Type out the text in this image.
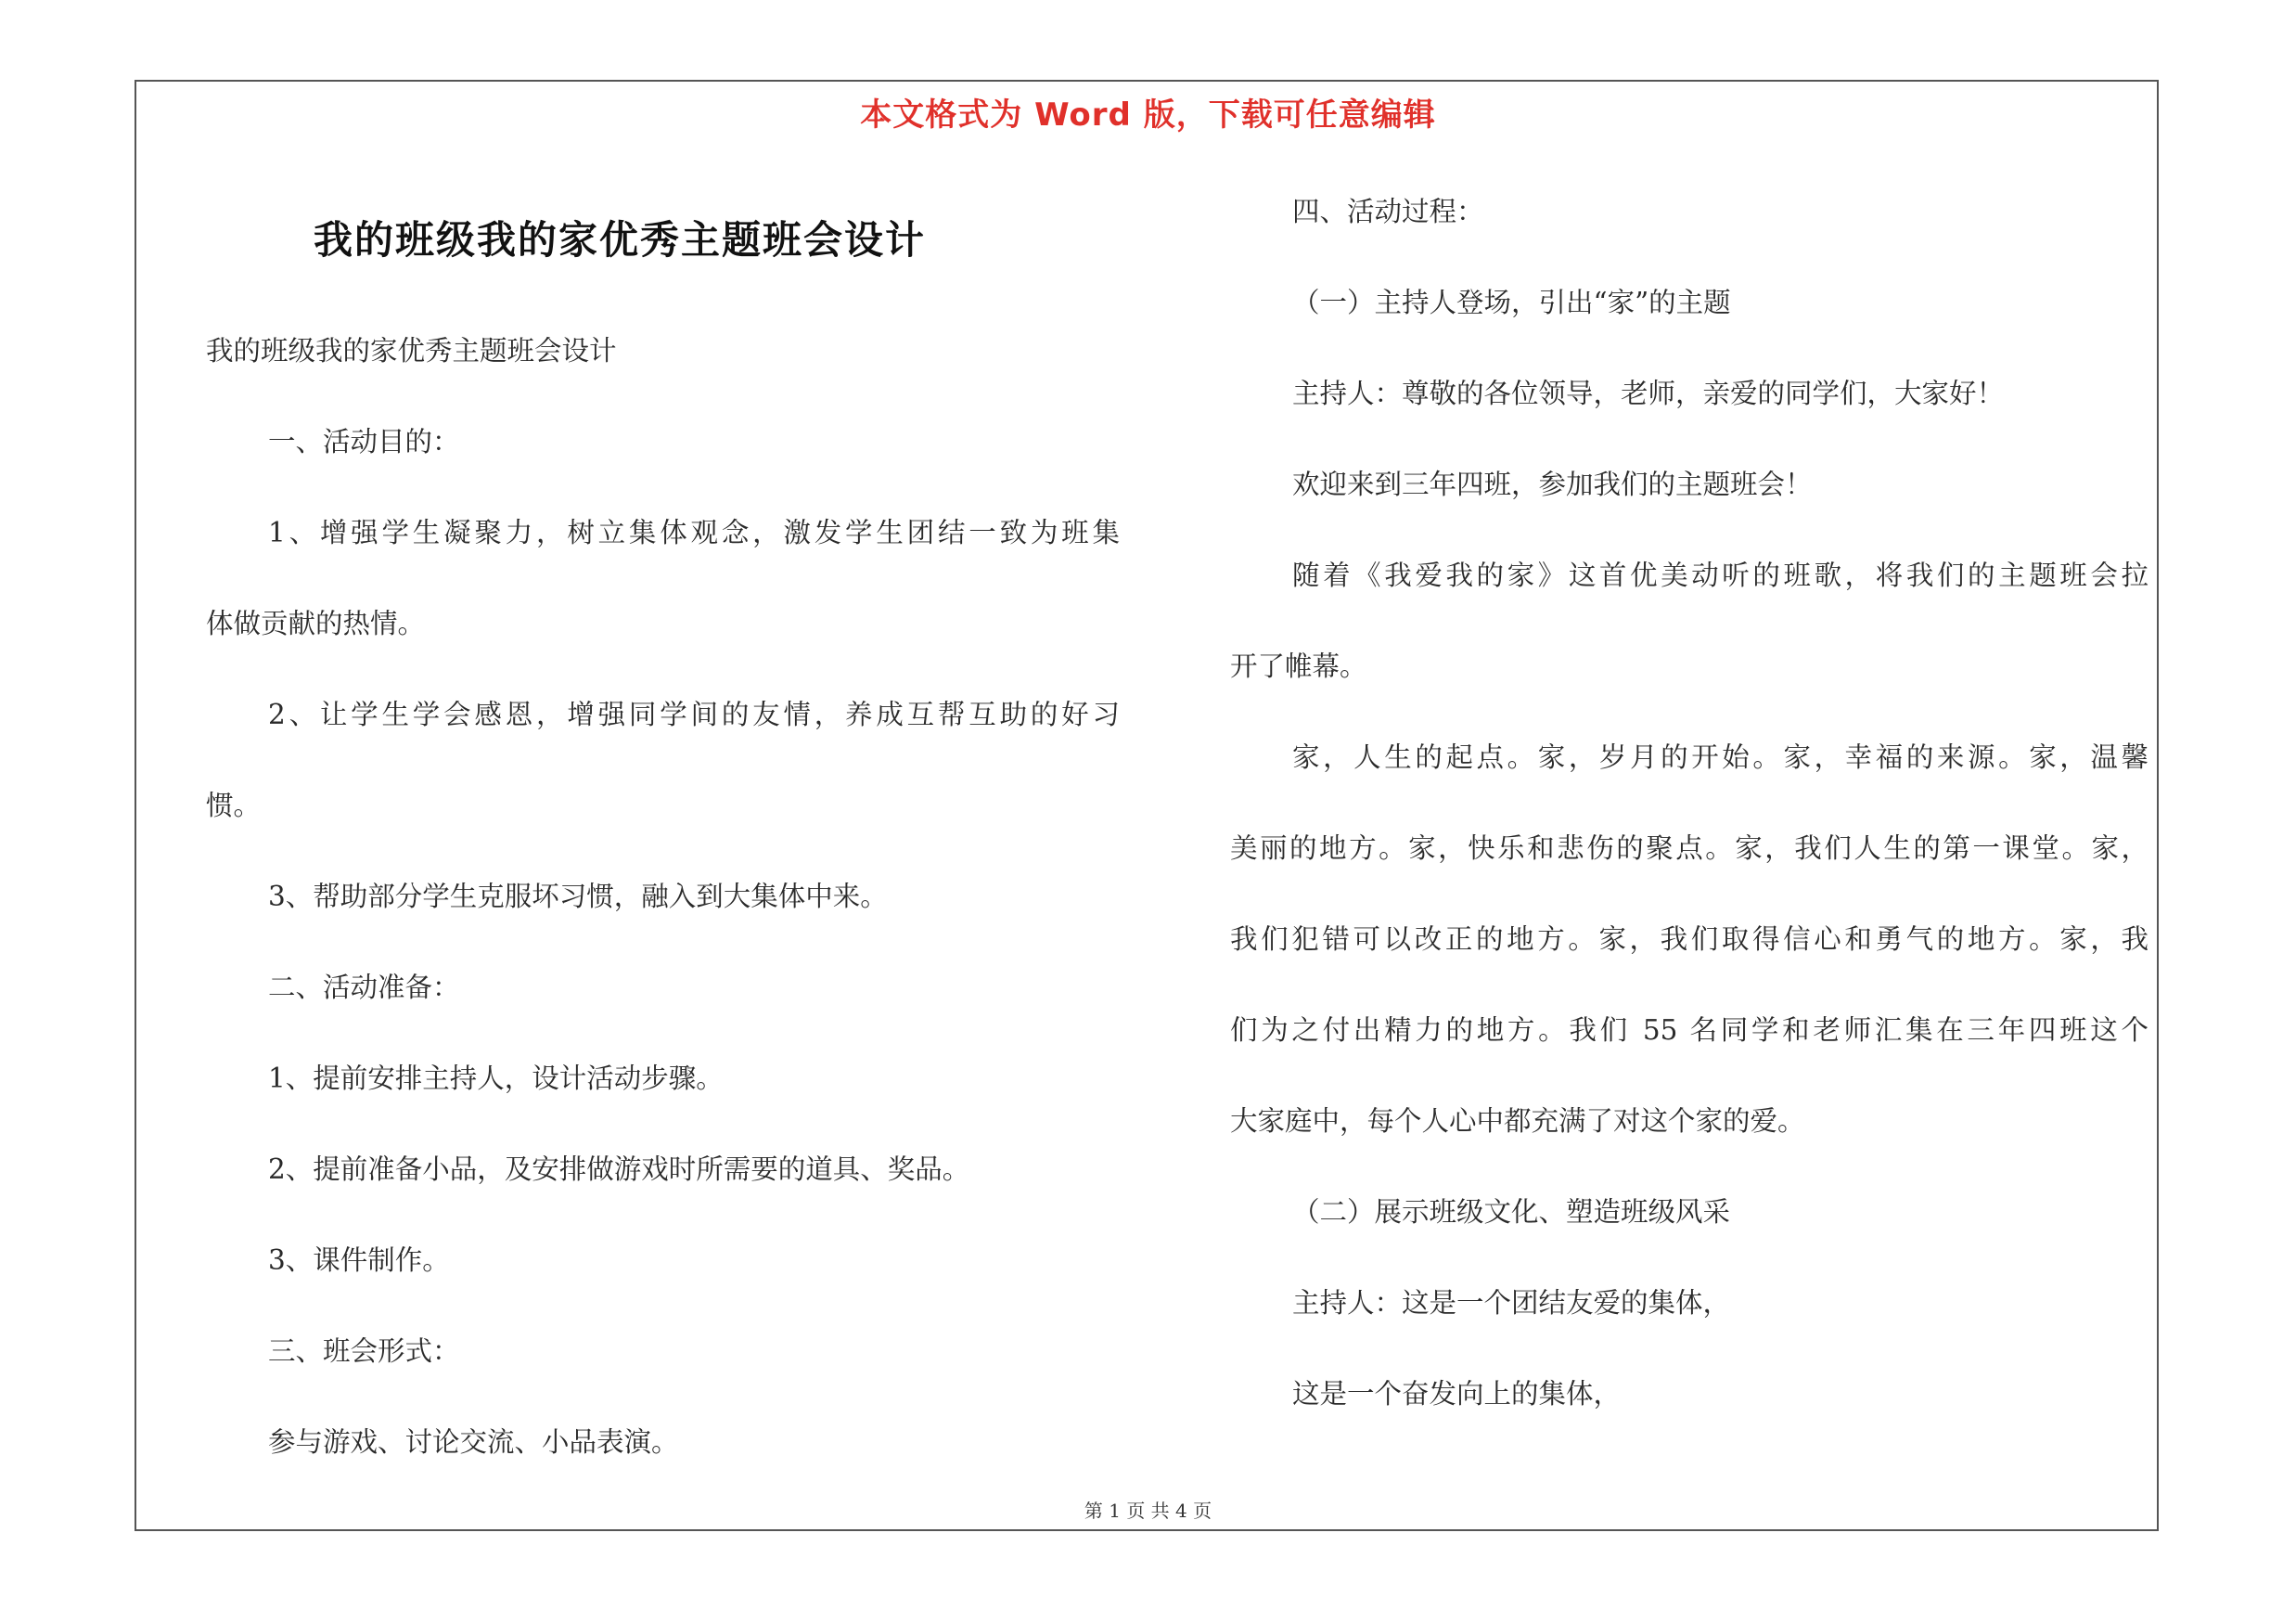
本文格式为 Word 版，下载可任意编辑
我的班级我的家优秀主题班会设计
我的班级我的家优秀主题班会设计
一、活动目的：
1、增强学生凝聚力，树立集体观念，激发学生团结一致为班集
体做贡献的热情。
2、让学生学会感恩，增强同学间的友情，养成互帮互助的好习
惯。
3、帮助部分学生克服坏习惯，融入到大集体中来。
二、活动准备：
1、提前安排主持人，设计活动步骤。
2、提前准备小品，及安排做游戏时所需要的道具、奖品。
3、课件制作。
三、班会形式：
参与游戏、讨论交流、小品表演。
四、活动过程：
（一）主持人登场，引出“家”的主题
主持人：尊敬的各位领导，老师，亲爱的同学们，大家好！
欢迎来到三年四班，参加我们的主题班会！
随着《我爱我的家》这首优美动听的班歌，将我们的主题班会拉
开了帷幕。
家，人生的起点。家，岁月的开始。家，幸福的来源。家，温馨
美丽的地方。家，快乐和悲伤的聚点。家，我们人生的第一课堂。家，
我们犯错可以改正的地方。家，我们取得信心和勇气的地方。家，我
们为之付出精力的地方。我们 55 名同学和老师汇集在三年四班这个
大家庭中，每个人心中都充满了对这个家的爱。
（二）展示班级文化、塑造班级风采
主持人：这是一个团结友爱的集体，
这是一个奋发向上的集体，
第 1 页 共 4 页
